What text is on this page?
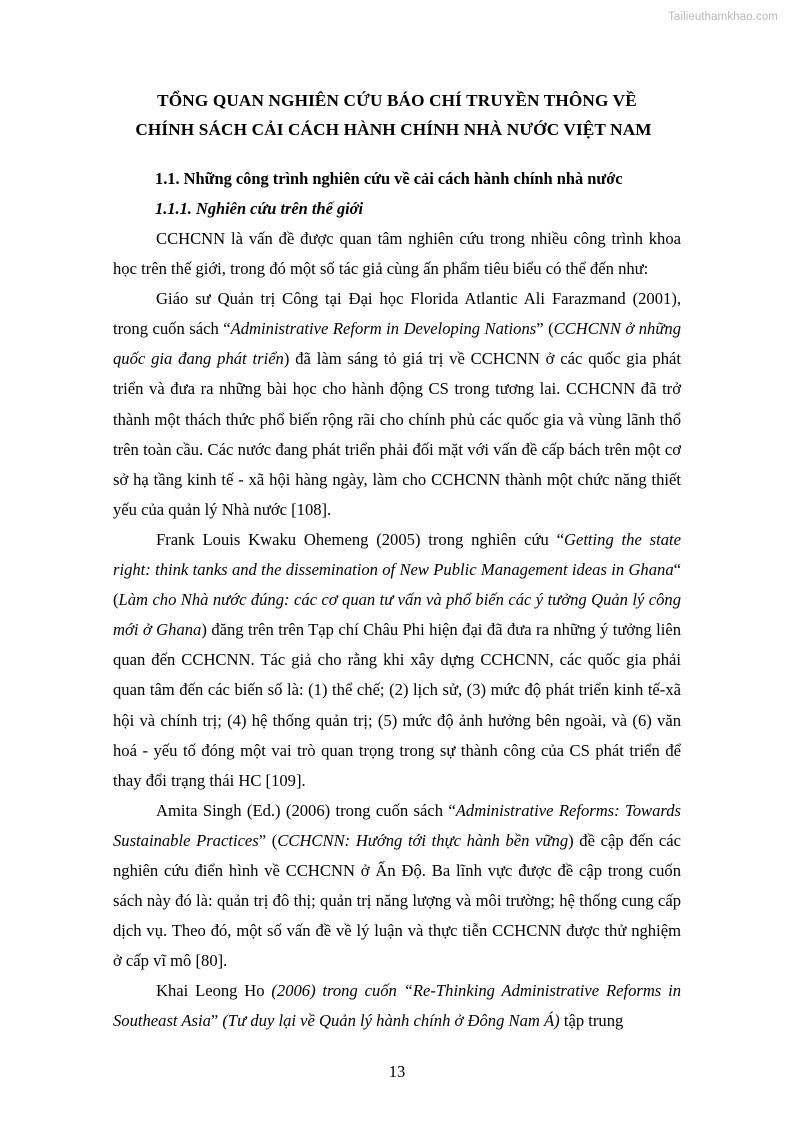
Tailieuthamkhao.com
TỔNG QUAN NGHIÊN CỨU BÁO CHÍ TRUYỀN THÔNG VỀ
CHÍNH SÁCH CẢI CÁCH HÀNH CHÍNH NHÀ NƯỚC VIỆT NAM
1.1. Những công trình nghiên cứu về cải cách hành chính nhà nước
1.1.1. Nghiên cứu trên thế giới

CCHCNN là vấn đề được quan tâm nghiên cứu trong nhiều công trình khoa học trên thế giới, trong đó một số tác giả cùng ấn phẩm tiêu biểu có thể đến như:

Giáo sư Quản trị Công tại Đại học Florida Atlantic Ali Farazmand (2001), trong cuốn sách “Administrative Reform in Developing Nations” (CCHCNN ở những quốc gia đang phát triển) đã làm sáng tỏ giá trị về CCHCNN ở các quốc gia phát triển và đưa ra những bài học cho hành động CS trong tương lai. CCHCNN đã trở thành một thách thức phổ biến rộng rãi cho chính phủ các quốc gia và vùng lãnh thổ trên toàn cầu. Các nước đang phát triển phải đối mặt với vấn đề cấp bách trên một cơ sở hạ tầng kinh tế - xã hội hàng ngày, làm cho CCHCNN thành một chức năng thiết yếu của quản lý Nhà nước [108].

Frank Louis Kwaku Ohemeng (2005) trong nghiên cứu “Getting the state right: think tanks and the dissemination of New Public Management ideas in Ghana“ (Làm cho Nhà nước đúng: các cơ quan tư vấn và phổ biến các ý tưởng Quản lý công mới ở Ghana) đăng trên trên Tạp chí Châu Phi hiện đại đã đưa ra những ý tưởng liên quan đến CCHCNN. Tác giả cho rằng khi xây dựng CCHCNN, các quốc gia phải quan tâm đến các biến số là: (1) thể chế; (2) lịch sử, (3) mức độ phát triển kinh tế-xã hội và chính trị; (4) hệ thống quản trị; (5) mức độ ảnh hưởng bên ngoài, và (6) văn hoá - yếu tố đóng một vai trò quan trọng trong sự thành công của CS phát triển để thay đổi trạng thái HC [109].

Amita Singh (Ed.) (2006) trong cuốn sách “Administrative Reforms: Towards Sustainable Practices” (CCHCNN: Hướng tới thực hành bền vững) đề cập đến các nghiên cứu điển hình về CCHCNN ở Ấn Độ. Ba lĩnh vực được đề cập trong cuốn sách này đó là: quản trị đô thị; quản trị năng lượng và môi trường; hệ thống cung cấp dịch vụ. Theo đó, một số vấn đề về lý luận và thực tiễn CCHCNN được thử nghiệm ở cấp vĩ mô [80].

Khai Leong Ho (2006) trong cuốn “Re-Thinking Administrative Reforms in Southeast Asia” (Tư duy lại về Quản lý hành chính ở Đông Nam Á) tập trung

13
